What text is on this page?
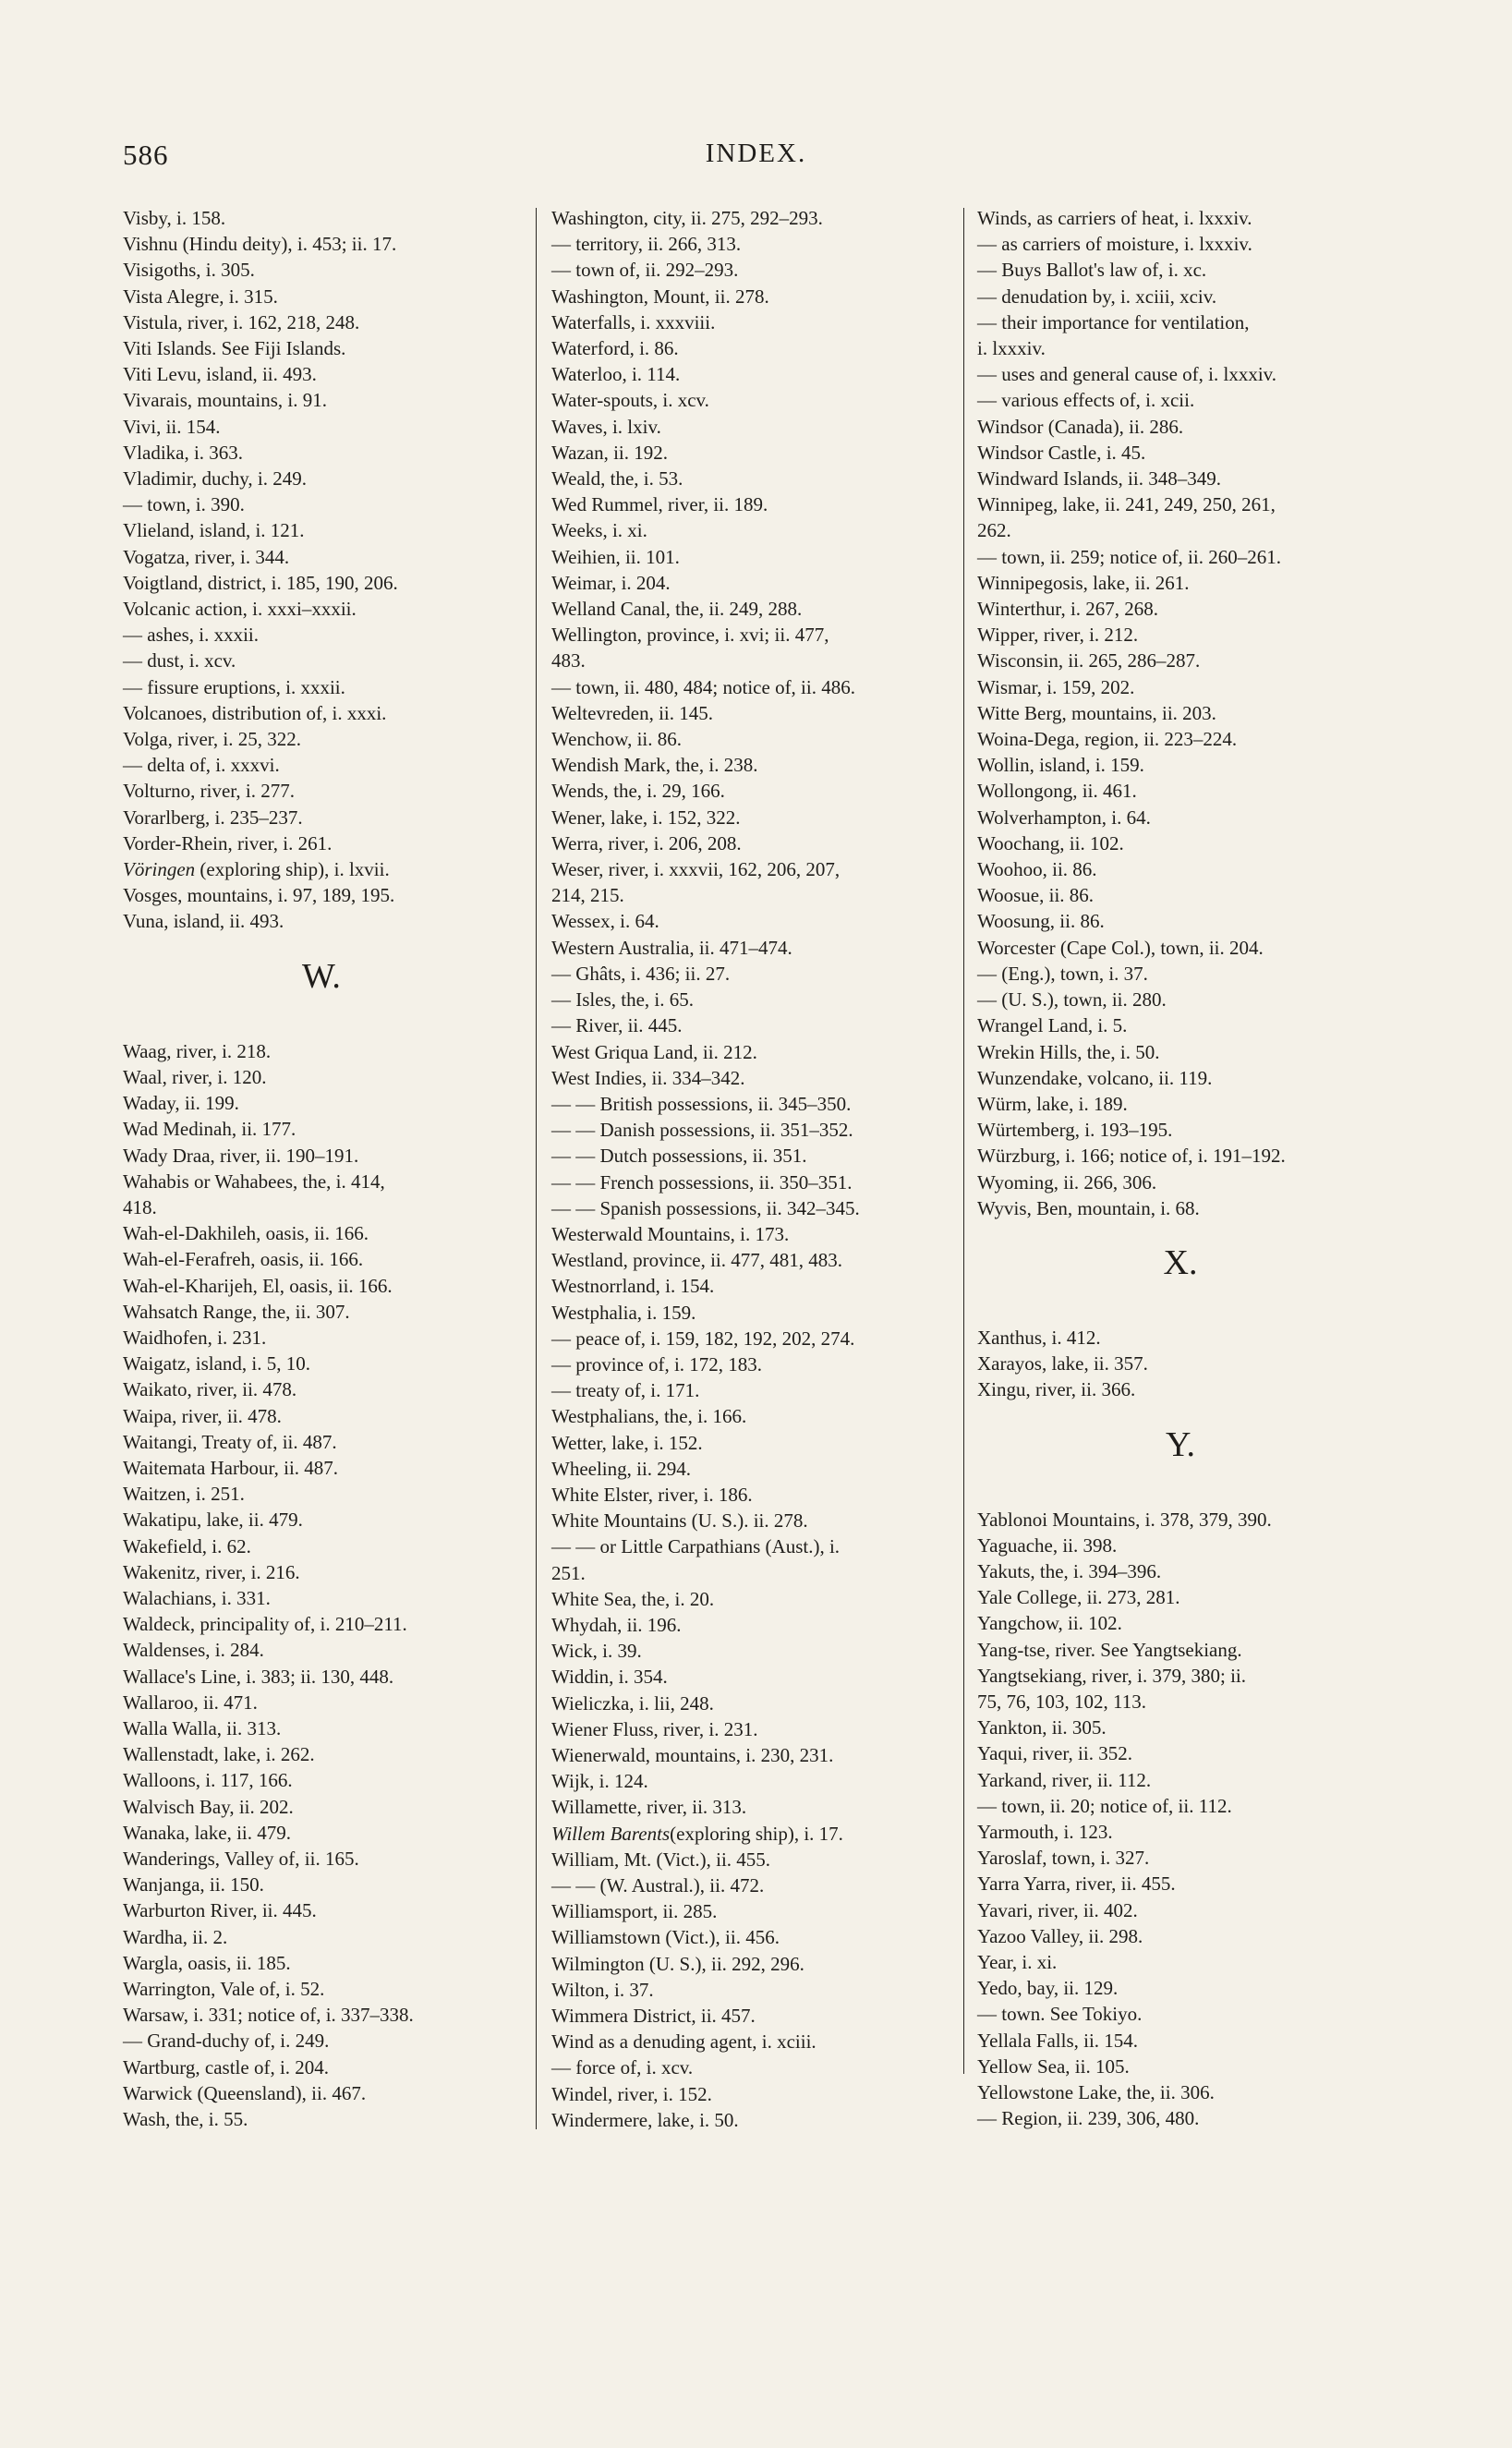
586	INDEX.
Visby, i. 158.
Vishnu (Hindu deity), i. 453; ii. 17.
Visigoths, i. 305.
Vista Alegre, i. 315.
Vistula, river, i. 162, 218, 248.
Viti Islands. See Fiji Islands.
Viti Levu, island, ii. 493.
Vivarais, mountains, i. 91.
Vivi, ii. 154.
Vladika, i. 363.
Vladimir, duchy, i. 249.
— town, i. 390.
Vlieland, island, i. 121.
Vogatza, river, i. 344.
Voigtland, district, i. 185, 190, 206.
Volcanic action, i. xxxi–xxxii.
— ashes, i. xxxii.
— dust, i. xcv.
— fissure eruptions, i. xxxii.
Volcanoes, distribution of, i. xxxi.
Volga, river, i. 25, 322.
— delta of, i. xxxvi.
Volturno, river, i. 277.
Vorarlberg, i. 235–237.
Vorder-Rhein, river, i. 261.
Vöringen (exploring ship), i. lxvii.
Vosges, mountains, i. 97, 189, 195.
Vuna, island, ii. 493.
W.
Waag, river, i. 218.
Waal, river, i. 120.
Waday, ii. 199.
Wad Medinah, ii. 177.
Wady Draa, river, ii. 190–191.
Wahabis or Wahabees, the, i. 414,
418.
Wah-el-Dakhileh, oasis, ii. 166.
Wah-el-Ferafreh, oasis, ii. 166.
Wah-el-Kharijeh, El, oasis, ii. 166.
Wahsatch Range, the, ii. 307.
Waidhofen, i. 231.
Waigatz, island, i. 5, 10.
Waikato, river, ii. 478.
Waipa, river, ii. 478.
Waitangi, Treaty of, ii. 487.
Waitemata Harbour, ii. 487.
Waitzen, i. 251.
Wakatipu, lake, ii. 479.
Wakefield, i. 62.
Wakenitz, river, i. 216.
Walachians, i. 331.
Waldeck, principality of, i. 210–211.
Waldenses, i. 284.
Wallace's Line, i. 383; ii. 130, 448.
Wallaroo, ii. 471.
Walla Walla, ii. 313.
Wallenstadt, lake, i. 262.
Walloons, i. 117, 166.
Walvisch Bay, ii. 202.
Wanaka, lake, ii. 479.
Wanderings, Valley of, ii. 165.
Wanjanga, ii. 150.
Warburton River, ii. 445.
Wardha, ii. 2.
Wargla, oasis, ii. 185.
Warrington, Vale of, i. 52.
Warsaw, i. 331; notice of, i. 337–338.
— Grand-duchy of, i. 249.
Wartburg, castle of, i. 204.
Warwick (Queensland), ii. 467.
Wash, the, i. 55.
Washington, city, ii. 275, 292–293.
— territory, ii. 266, 313.
— town of, ii. 292–293.
Washington, Mount, ii. 278.
Waterfalls, i. xxxviii.
Waterford, i. 86.
Waterloo, i. 114.
Water-spouts, i. xcv.
Waves, i. lxiv.
Wazan, ii. 192.
Weald, the, i. 53.
Wed Rummel, river, ii. 189.
Weeks, i. xi.
Weihien, ii. 101.
Weimar, i. 204.
Welland Canal, the, ii. 249, 288.
Wellington, province, i. xvi; ii. 477,
483.
— town, ii. 480, 484; notice of, ii. 486.
Weltevreden, ii. 145.
Wenchow, ii. 86.
Wendish Mark, the, i. 238.
Wends, the, i. 29, 166.
Wener, lake, i. 152, 322.
Werra, river, i. 206, 208.
Weser, river, i. xxxvii, 162, 206, 207,
214, 215.
Wessex, i. 64.
Western Australia, ii. 471–474.
— Ghâts, i. 436; ii. 27.
— Isles, the, i. 65.
— River, ii. 445.
West Griqua Land, ii. 212.
West Indies, ii. 334–342.
— — British possessions, ii. 345–350.
— — Danish possessions, ii. 351–352.
— — Dutch possessions, ii. 351.
— — French possessions, ii. 350–351.
— — Spanish possessions, ii. 342–345.
Westerwald Mountains, i. 173.
Westland, province, ii. 477, 481, 483.
Westnorrland, i. 154.
Westphalia, i. 159.
— peace of, i. 159, 182, 192, 202, 274.
— province of, i. 172, 183.
— treaty of, i. 171.
Westphalians, the, i. 166.
Wetter, lake, i. 152.
Wheeling, ii. 294.
White Elster, river, i. 186.
White Mountains (U. S.). ii. 278.
— — or Little Carpathians (Aust.), i.
251.
White Sea, the, i. 20.
Whydah, ii. 196.
Wick, i. 39.
Widdin, i. 354.
Wieliczka, i. lii, 248.
Wiener Fluss, river, i. 231.
Wienerwald, mountains, i. 230, 231.
Wijk, i. 124.
Willamette, river, ii. 313.
Willem Barents(exploring ship), i. 17.
William, Mt. (Vict.), ii. 455.
— — (W. Austral.), ii. 472.
Williamsport, ii. 285.
Williamstown (Vict.), ii. 456.
Wilmington (U. S.), ii. 292, 296.
Wilton, i. 37.
Wimmera District, ii. 457.
Wind as a denuding agent, i. xciii.
— force of, i. xcv.
Windel, river, i. 152.
Windermere, lake, i. 50.
Winds, as carriers of heat, i. lxxxiv.
— as carriers of moisture, i. lxxxiv.
— Buys Ballot's law of, i. xc.
— denudation by, i. xciii, xciv.
— their importance for ventilation,
i. lxxxiv.
— uses and general cause of, i. lxxxiv.
— various effects of, i. xcii.
Windsor (Canada), ii. 286.
Windsor Castle, i. 45.
Windward Islands, ii. 348–349.
Winnipeg, lake, ii. 241, 249, 250, 261,
262.
— town, ii. 259; notice of, ii. 260–261.
Winnipegosis, lake, ii. 261.
Winterthur, i. 267, 268.
Wipper, river, i. 212.
Wisconsin, ii. 265, 286–287.
Wismar, i. 159, 202.
Witte Berg, mountains, ii. 203.
Woina-Dega, region, ii. 223–224.
Wollin, island, i. 159.
Wollongong, ii. 461.
Wolverhampton, i. 64.
Woochang, ii. 102.
Woohoo, ii. 86.
Woosue, ii. 86.
Woosung, ii. 86.
Worcester (Cape Col.), town, ii. 204.
— (Eng.), town, i. 37.
— (U. S.), town, ii. 280.
Wrangel Land, i. 5.
Wrekin Hills, the, i. 50.
Wunzendake, volcano, ii. 119.
Würm, lake, i. 189.
Würtemberg, i. 193–195.
Würzburg, i. 166; notice of, i. 191–192.
Wyoming, ii. 266, 306.
Wyvis, Ben, mountain, i. 68.
X.
Xanthus, i. 412.
Xarayos, lake, ii. 357.
Xingu, river, ii. 366.
Y.
Yablonoi Mountains, i. 378, 379, 390.
Yaguache, ii. 398.
Yakuts, the, i. 394–396.
Yale College, ii. 273, 281.
Yangchow, ii. 102.
Yang-tse, river. See Yangtsekiang.
Yangtsekiang, river, i. 379, 380; ii.
75, 76, 103, 102, 113.
Yankton, ii. 305.
Yaqui, river, ii. 352.
Yarkand, river, ii. 112.
— town, ii. 20; notice of, ii. 112.
Yarmouth, i. 123.
Yaroslaf, town, i. 327.
Yarra Yarra, river, ii. 455.
Yavari, river, ii. 402.
Yazoo Valley, ii. 298.
Year, i. xi.
Yedo, bay, ii. 129.
— town. See Tokiyo.
Yellala Falls, ii. 154.
Yellow Sea, ii. 105.
Yellowstone Lake, the, ii. 306.
— Region, ii. 239, 306, 480.
